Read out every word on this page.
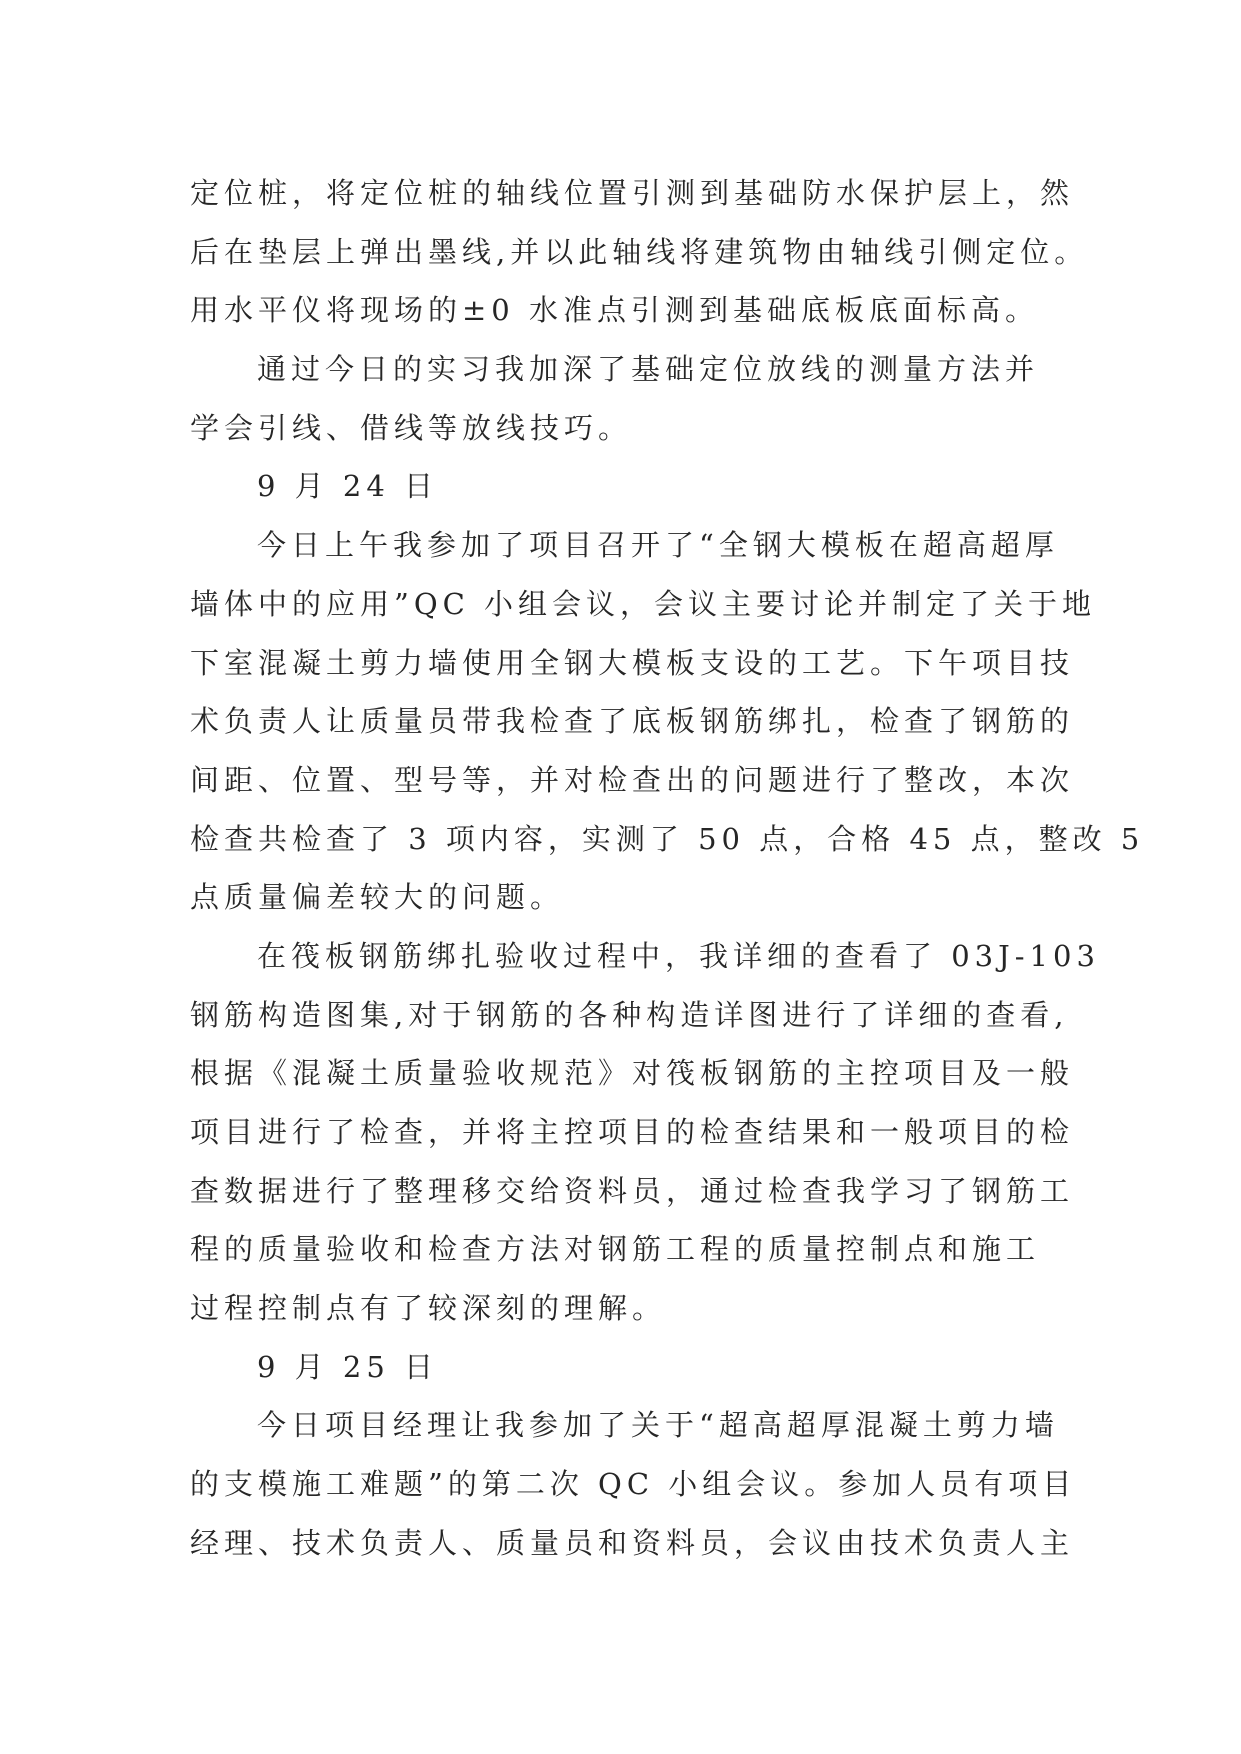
定位桩，将定位桩的轴线位置引测到基础防水保护层上，然
后在垫层上弹出墨线,并以此轴线将建筑物由轴线引侧定位。
用水平仪将现场的±0 水准点引测到基础底板底面标高。
通过今日的实习我加深了基础定位放线的测量方法并
学会引线、借线等放线技巧。
9 月 24 日
今日上午我参加了项目召开了“全钢大模板在超高超厚
墙体中的应用”QC 小组会议，会议主要讨论并制定了关于地
下室混凝土剪力墙使用全钢大模板支设的工艺。下午项目技
术负责人让质量员带我检查了底板钢筋绑扎，检查了钢筋的
间距、位置、型号等，并对检查出的问题进行了整改，本次
检查共检查了 3 项内容，实测了 50 点，合格 45 点，整改 5
点质量偏差较大的问题。
在筏板钢筋绑扎验收过程中，我详细的查看了 03J-103
钢筋构造图集,对于钢筋的各种构造详图进行了详细的查看,
根据《混凝土质量验收规范》对筏板钢筋的主控项目及一般
项目进行了检查，并将主控项目的检查结果和一般项目的检
查数据进行了整理移交给资料员，通过检查我学习了钢筋工
程的质量验收和检查方法对钢筋工程的质量控制点和施工
过程控制点有了较深刻的理解。
9 月 25 日
今日项目经理让我参加了关于“超高超厚混凝土剪力墙
的支模施工难题”的第二次 QC 小组会议。参加人员有项目
经理、技术负责人、质量员和资料员，会议由技术负责人主
